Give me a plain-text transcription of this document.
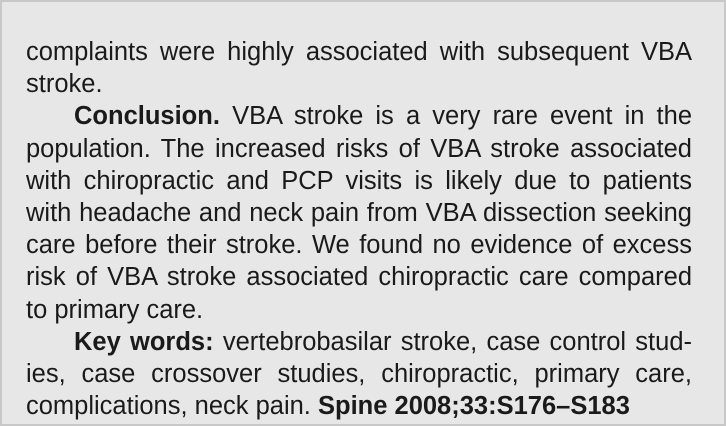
complaints were highly associated with subsequent VBA stroke.

Conclusion. VBA stroke is a very rare event in the population. The increased risks of VBA stroke associated with chiropractic and PCP visits is likely due to patients with headache and neck pain from VBA dissection seeking care before their stroke. We found no evidence of excess risk of VBA stroke associated chiropractic care compared to primary care.

Key words: vertebrobasilar stroke, case control studies, case crossover studies, chiropractic, primary care, complications, neck pain. Spine 2008;33:S176–S183
